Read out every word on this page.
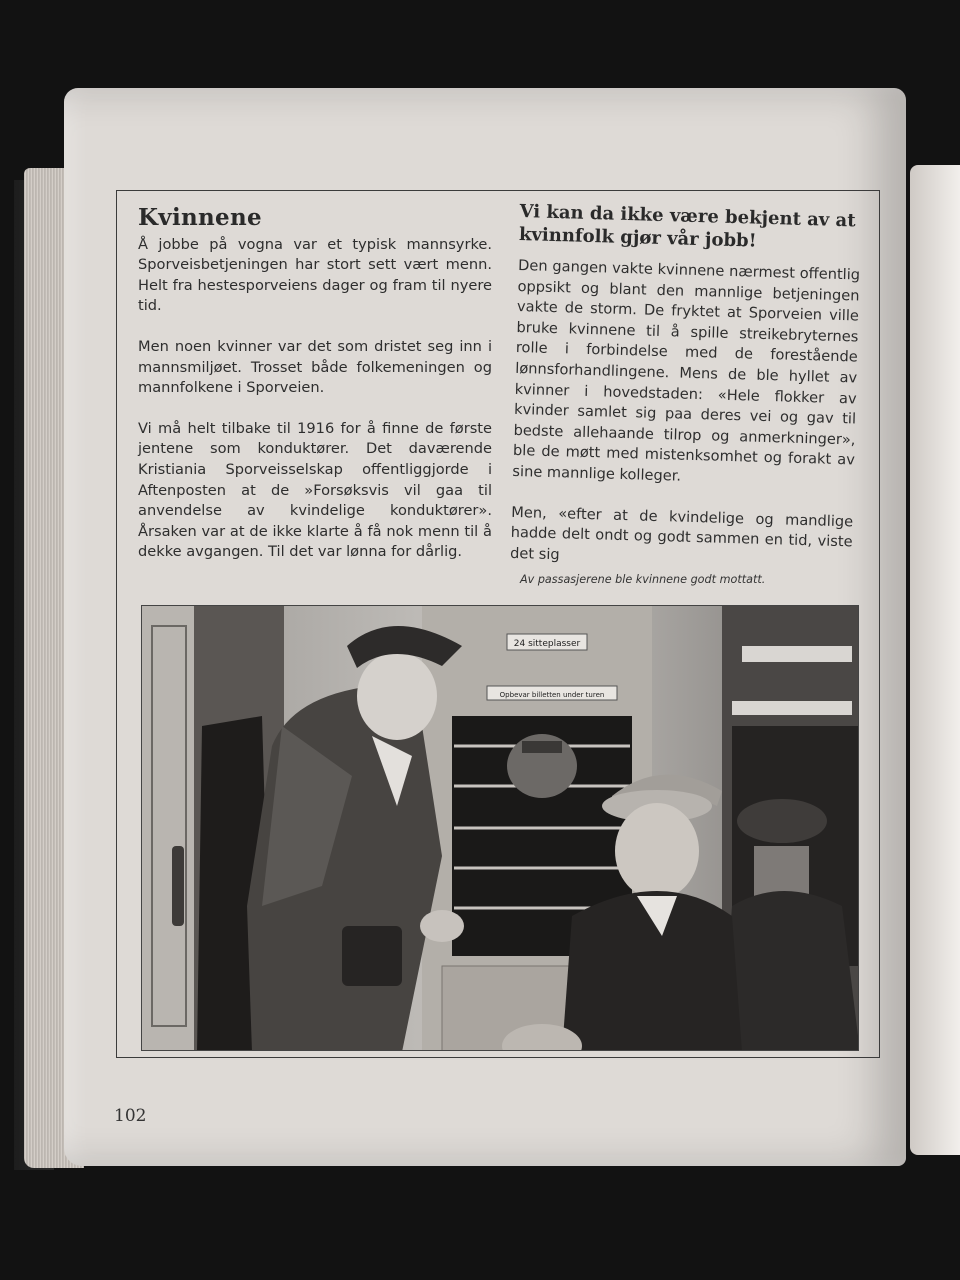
Kvinnene

Å jobbe på vogna var et typisk mannsyrke. Sporveisbetjeningen har stort sett vært menn. Helt fra hestesporveiens dager og fram til nyere tid.

Men noen kvinner var det som dristet seg inn i mannsmiljøet. Trosset både folkemeningen og mannfolkene i Sporveien.

Vi må helt tilbake til 1916 for å finne de første jentene som konduktører. Det daværende Kristiania Sporveisselskap offentliggjorde i Aftenposten at de »Forsøksvis vil gaa til anvendelse av kvindelige konduktører». Årsaken var at de ikke klarte å få nok menn til å dekke avgangen. Til det var lønna for dårlig.

Vi kan da ikke være bekjent av at kvinnfolk gjør vår jobb!

Den gangen vakte kvinnene nærmest offentlig oppsikt og blant den mannlige betjeningen vakte de storm. De fryktet at Sporveien ville bruke kvinnene til å spille streikebryternes rolle i forbindelse med de forestående lønnsforhandlingene. Mens de ble hyllet av kvinner i hovedstaden: «Hele flokker av kvinder samlet sig paa deres vei og gav til bedste allehaande tilrop og anmerkninger», ble de møtt med mistenksomhet og forakt av sine mannlige kolleger.

Men, «efter at de kvindelige og mandlige hadde delt ondt og godt sammen en tid, viste det sig

Av passasjerene ble kvinnene godt mottatt.
24 sitteplasser
Opbevar billetten under turen
102
